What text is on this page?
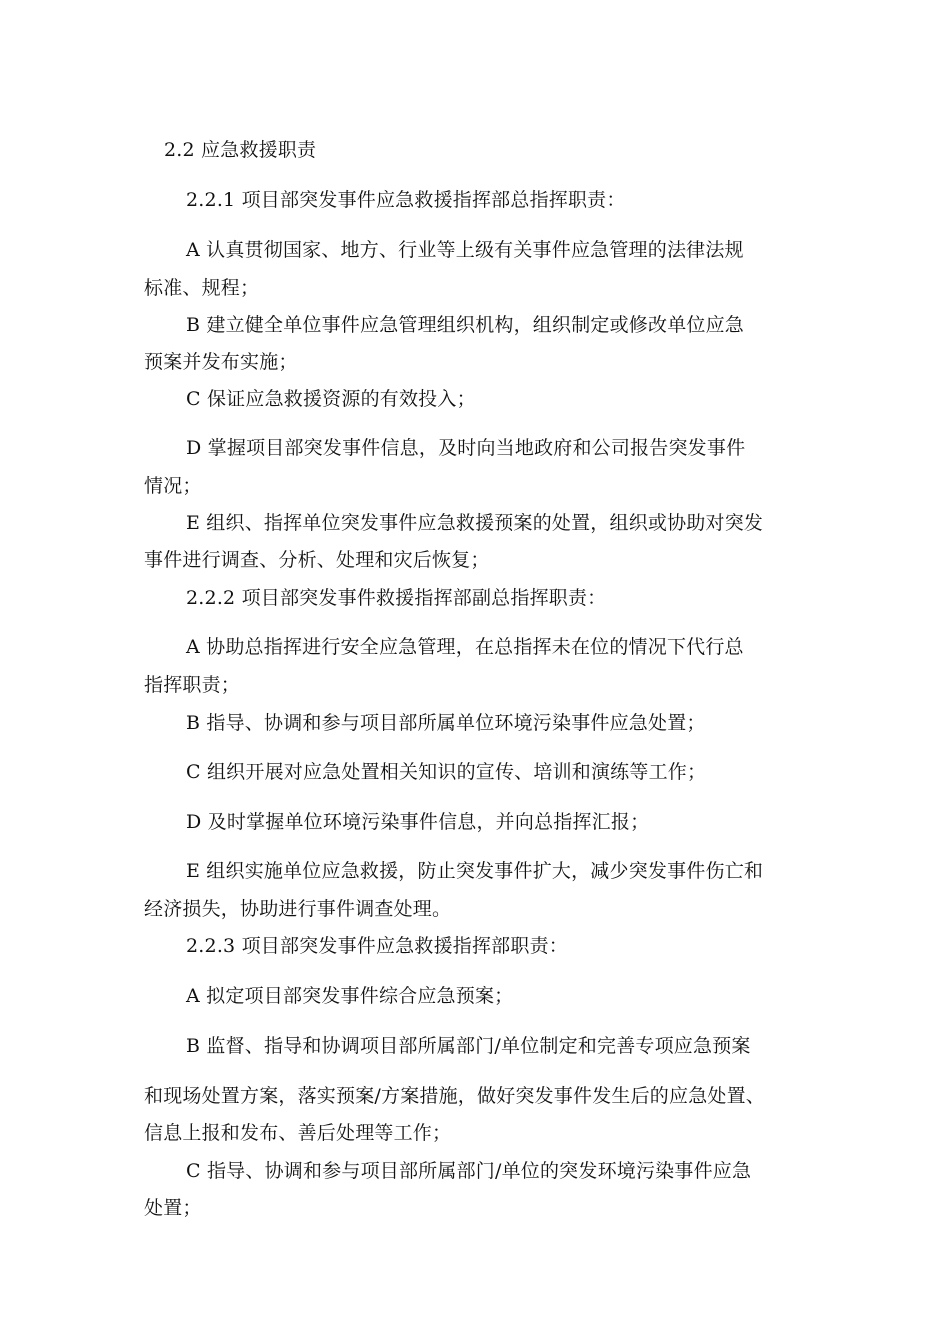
2.2 应急救援职责
2.2.1 项目部突发事件应急救援指挥部总指挥职责：
A 认真贯彻国家、地方、行业等上级有关事件应急管理的法律法规
标准、规程；
B 建立健全单位事件应急管理组织机构，组织制定或修改单位应急
预案并发布实施；
C 保证应急救援资源的有效投入；
D 掌握项目部突发事件信息，及时向当地政府和公司报告突发事件
情况；
E 组织、指挥单位突发事件应急救援预案的处置，组织或协助对突发
事件进行调查、分析、处理和灾后恢复；
2.2.2 项目部突发事件救援指挥部副总指挥职责：
A 协助总指挥进行安全应急管理，在总指挥未在位的情况下代行总
指挥职责；
B 指导、协调和参与项目部所属单位环境污染事件应急处置；
C 组织开展对应急处置相关知识的宣传、培训和演练等工作；
D 及时掌握单位环境污染事件信息，并向总指挥汇报；
E 组织实施单位应急救援，防止突发事件扩大，减少突发事件伤亡和
经济损失，协助进行事件调查处理。
2.2.3 项目部突发事件应急救援指挥部职责：
A 拟定项目部突发事件综合应急预案；
B 监督、指导和协调项目部所属部门/单位制定和完善专项应急预案
和现场处置方案，落实预案/方案措施，做好突发事件发生后的应急处置、
信息上报和发布、善后处理等工作；
C 指导、协调和参与项目部所属部门/单位的突发环境污染事件应急
处置；
